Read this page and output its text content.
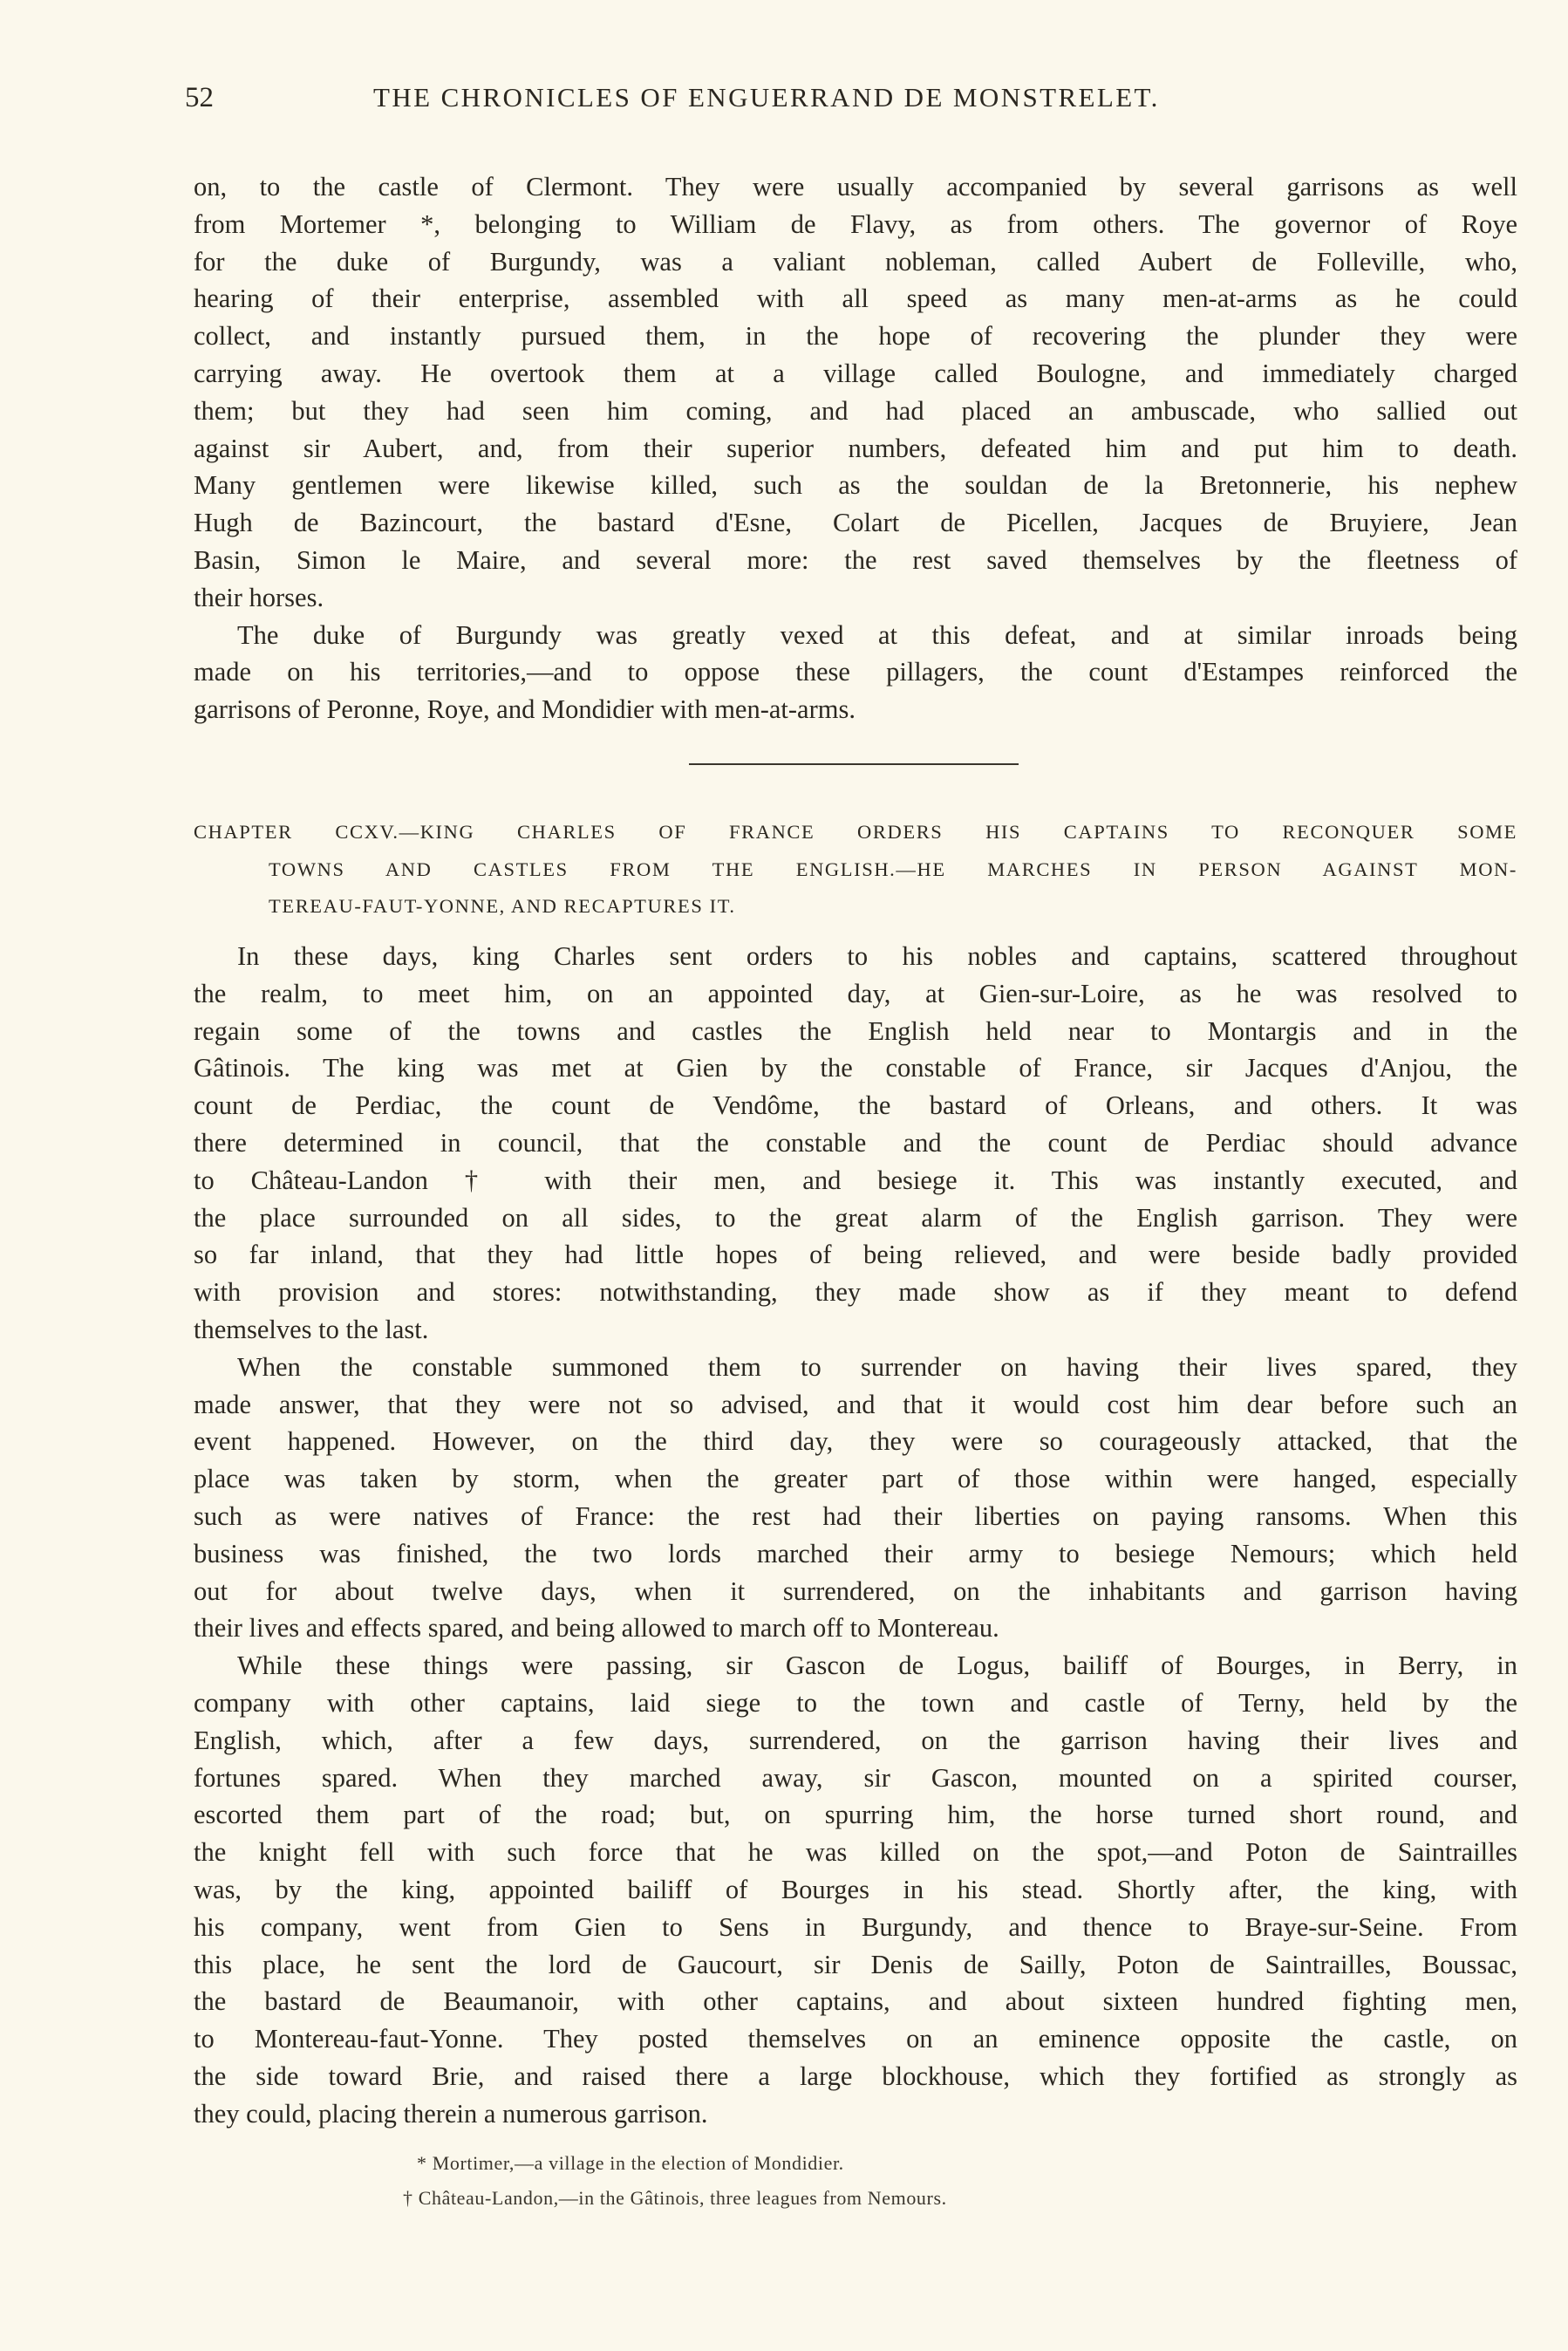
52	THE CHRONICLES OF ENGUERRAND DE MONSTRELET.
on, to the castle of Clermont. They were usually accompanied by several garrisons as well
from Mortemer *, belonging to William de Flavy, as from others. The governor of Roye
for the duke of Burgundy, was a valiant nobleman, called Aubert de Folleville, who,
hearing of their enterprise, assembled with all speed as many men-at-arms as he could
collect, and instantly pursued them, in the hope of recovering the plunder they were
carrying away. He overtook them at a village called Boulogne, and immediately charged
them; but they had seen him coming, and had placed an ambuscade, who sallied out
against sir Aubert, and, from their superior numbers, defeated him and put him to death.
Many gentlemen were likewise killed, such as the souldan de la Bretonnerie, his nephew
Hugh de Bazincourt, the bastard d'Esne, Colart de Picellen, Jacques de Bruyiere, Jean
Basin, Simon le Maire, and several more: the rest saved themselves by the fleetness of
their horses.
The duke of Burgundy was greatly vexed at this defeat, and at similar inroads being
made on his territories,—and to oppose these pillagers, the count d'Estampes reinforced the
garrisons of Peronne, Roye, and Mondidier with men-at-arms.
CHAPTER CCXV.—KING CHARLES OF FRANCE ORDERS HIS CAPTAINS TO RECONQUER SOME
TOWNS AND CASTLES FROM THE ENGLISH.—HE MARCHES IN PERSON AGAINST MON-
TEREAU-FAUT-YONNE, AND RECAPTURES IT.
In these days, king Charles sent orders to his nobles and captains, scattered throughout
the realm, to meet him, on an appointed day, at Gien-sur-Loire, as he was resolved to
regain some of the towns and castles the English held near to Montargis and in the
Gâtinois. The king was met at Gien by the constable of France, sir Jacques d'Anjou, the
count de Perdiac, the count de Vendôme, the bastard of Orleans, and others. It was
there determined in council, that the constable and the count de Perdiac should advance
to Château-Landon † with their men, and besiege it. This was instantly executed, and
the place surrounded on all sides, to the great alarm of the English garrison. They were
so far inland, that they had little hopes of being relieved, and were beside badly provided
with provision and stores: notwithstanding, they made show as if they meant to defend
themselves to the last.
When the constable summoned them to surrender on having their lives spared, they
made answer, that they were not so advised, and that it would cost him dear before such an
event happened. However, on the third day, they were so courageously attacked, that the
place was taken by storm, when the greater part of those within were hanged, especially
such as were natives of France: the rest had their liberties on paying ransoms. When this
business was finished, the two lords marched their army to besiege Nemours; which held
out for about twelve days, when it surrendered, on the inhabitants and garrison having
their lives and effects spared, and being allowed to march off to Montereau.
While these things were passing, sir Gascon de Logus, bailiff of Bourges, in Berry, in
company with other captains, laid siege to the town and castle of Terny, held by the
English, which, after a few days, surrendered, on the garrison having their lives and
fortunes spared. When they marched away, sir Gascon, mounted on a spirited courser,
escorted them part of the road; but, on spurring him, the horse turned short round, and
the knight fell with such force that he was killed on the spot,—and Poton de Saintrailles
was, by the king, appointed bailiff of Bourges in his stead. Shortly after, the king, with
his company, went from Gien to Sens in Burgundy, and thence to Braye-sur-Seine. From
this place, he sent the lord de Gaucourt, sir Denis de Sailly, Poton de Saintrailles, Boussac,
the bastard de Beaumanoir, with other captains, and about sixteen hundred fighting men,
to Montereau-faut-Yonne. They posted themselves on an eminence opposite the castle, on
the side toward Brie, and raised there a large blockhouse, which they fortified as strongly as
they could, placing therein a numerous garrison.
* Mortimer,—a village in the election of Mondidier.
† Château-Landon,—in the Gâtinois, three leagues from Nemours.
